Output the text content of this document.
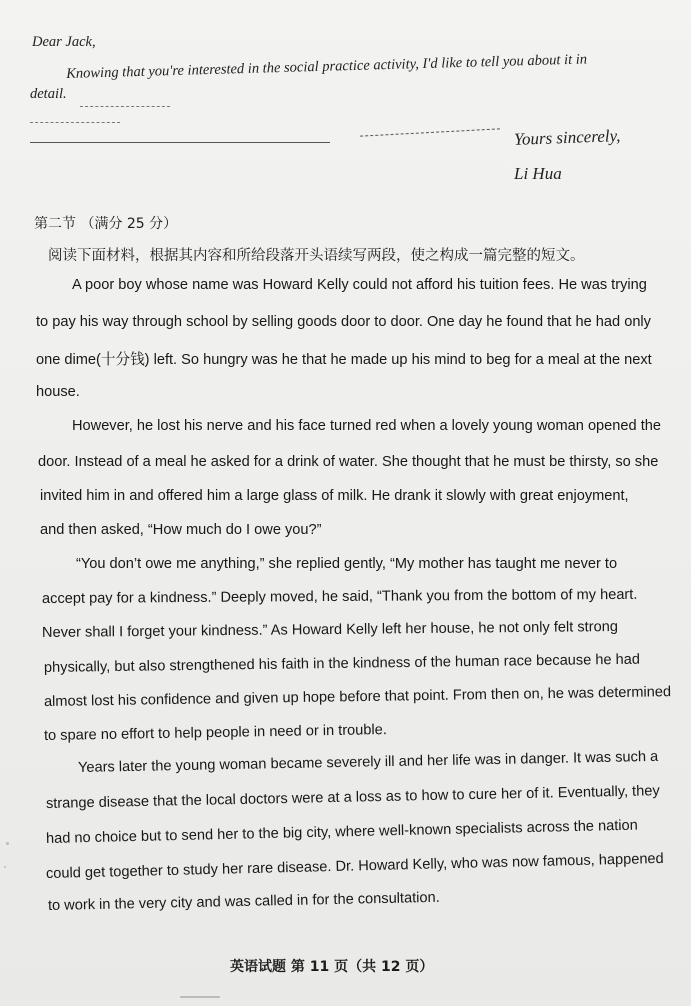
Dear Jack,
Knowing that you're interested in the social practice activity, I'd like to tell you about it in
detail.
Yours sincerely,
Li Hua
第二节 （满分 25 分）
阅读下面材料，根据其内容和所给段落开头语续写两段，使之构成一篇完整的短文。
A poor boy whose name was Howard Kelly could not afford his tuition fees. He was trying
to pay his way through school by selling goods door to door. One day he found that he had only
one dime(十分钱) left. So hungry was he that he made up his mind to beg for a meal at the next
house.
However, he lost his nerve and his face turned red when a lovely young woman opened the
door. Instead of a meal he asked for a drink of water. She thought that he must be thirsty, so she
invited him in and offered him a large glass of milk. He drank it slowly with great enjoyment,
and then asked, “How much do I owe you?”
“You don’t owe me anything,” she replied gently, “My mother has taught me never to
accept pay for a kindness.” Deeply moved, he said, “Thank you from the bottom of my heart.
Never shall I forget your kindness.” As Howard Kelly left her house, he not only felt strong
physically, but also strengthened his faith in the kindness of the human race because he had
almost lost his confidence and given up hope before that point. From then on, he was determined
to spare no effort to help people in need or in trouble.
Years later the young woman became severely ill and her life was in danger. It was such a
strange disease that the local doctors were at a loss as to how to cure her of it. Eventually, they
had no choice but to send her to the big city, where well-known specialists across the nation
could get together to study her rare disease. Dr. Howard Kelly, who was now famous, happened
to work in the very city and was called in for the consultation.
英语试题 第 11 页（共 12 页）
